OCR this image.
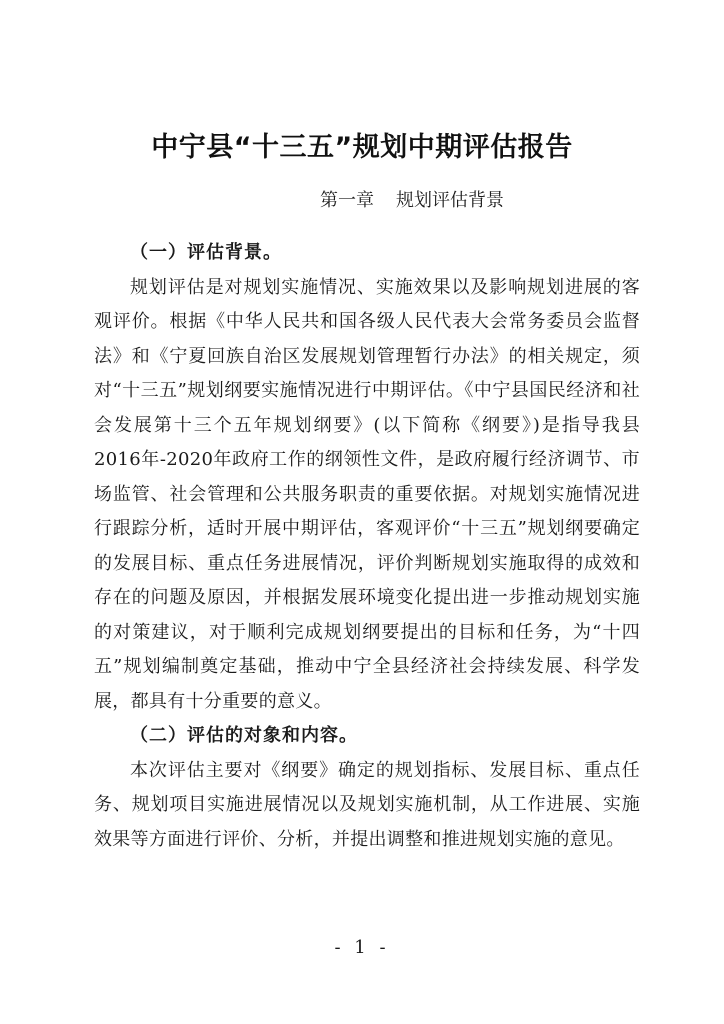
中宁县“十三五”规划中期评估报告
第一章 规划评估背景

（一）评估背景。

规划评估是对规划实施情况、实施效果以及影响规划进展的客观评价。根据《中华人民共和国各级人民代表大会常务委员会监督法》和《宁夏回族自治区发展规划管理暂行办法》的相关规定，须对“十三五”规划纲要实施情况进行中期评估。《中宁县国民经济和社会发展第十三个五年规划纲要》(以下简称《纲要》)是指导我县2016年-2020年政府工作的纲领性文件，是政府履行经济调节、市场监管、社会管理和公共服务职责的重要依据。对规划实施情况进行跟踪分析，适时开展中期评估，客观评价“十三五”规划纲要确定的发展目标、重点任务进展情况，评价判断规划实施取得的成效和存在的问题及原因，并根据发展环境变化提出进一步推动规划实施的对策建议，对于顺利完成规划纲要提出的目标和任务，为“十四五”规划编制奠定基础，推动中宁全县经济社会持续发展、科学发展，都具有十分重要的意义。

（二）评估的对象和内容。

本次评估主要对《纲要》确定的规划指标、发展目标、重点任务、规划项目实施进展情况以及规划实施机制，从工作进展、实施效果等方面进行评价、分析，并提出调整和推进规划实施的意见。

- 1 -
